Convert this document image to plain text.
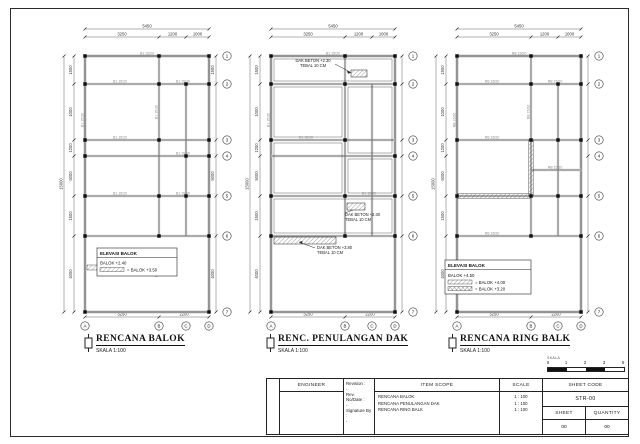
5450
3250	1200	1000
15000
1500
1000
1200
5000
1500
4000
1500
5000
4000
3250	2200
B1 15/20
B1 15/20	B1 15/20
B1 15/20
B1 15/20
B1 15/20	B1 15/20
B1 15/20
B1 15/20
1
2
3
4
5
6
7
A	B	C	D
ELEVASI BALOK
BALOK +2.40
= BALOK +3.50
5450
3250	1200	1000
15000
1500
1000
1200
5000
1500
4000
3250	2200
B1 15/20
B1 15/20
B1 15/20
B1 15/20
DAK BETON +2.30
TEBAL 10 CM
DAK BETON +2.30
TEBAL 10 CM
DAK BETON +3.80
TEBAL 10 CM
1
2
3
4
5
6
7
A	B	C	D
5450
3250	1200	1000
15000
1500
1000
1200
5000
1500
4000
3250	2200
RB 15/20
RB 15/20	RB 15/20
RB 15/20
RB 15/20
RB 15/20
RB 15/20
RB 15/20
1
2
3
4
5
6
7
A	B	C	D
ELEVASI BALOK
BALOK +4.50
= BALOK +4.00
= BALOK +3.20
RENCANA BALOK
SKALA 1:100
RENC. PENULANGAN DAK
SKALA 1:100
RENCANA RING BALK
SKALA 1:100
SKALA
0	1	2	3	5
ENGINEER	Revision :
-
Rev. No/Date :
-
Signature By :
-
ITEM SCOPE
RENCANA BALOK
RENCANA PENULANGAN DAK
RENCANA RING BALK
SCALE
1 : 100
1 : 100
1 : 100
SHEET CODE
STR-00
SHEET
00
QUANTITY
00
